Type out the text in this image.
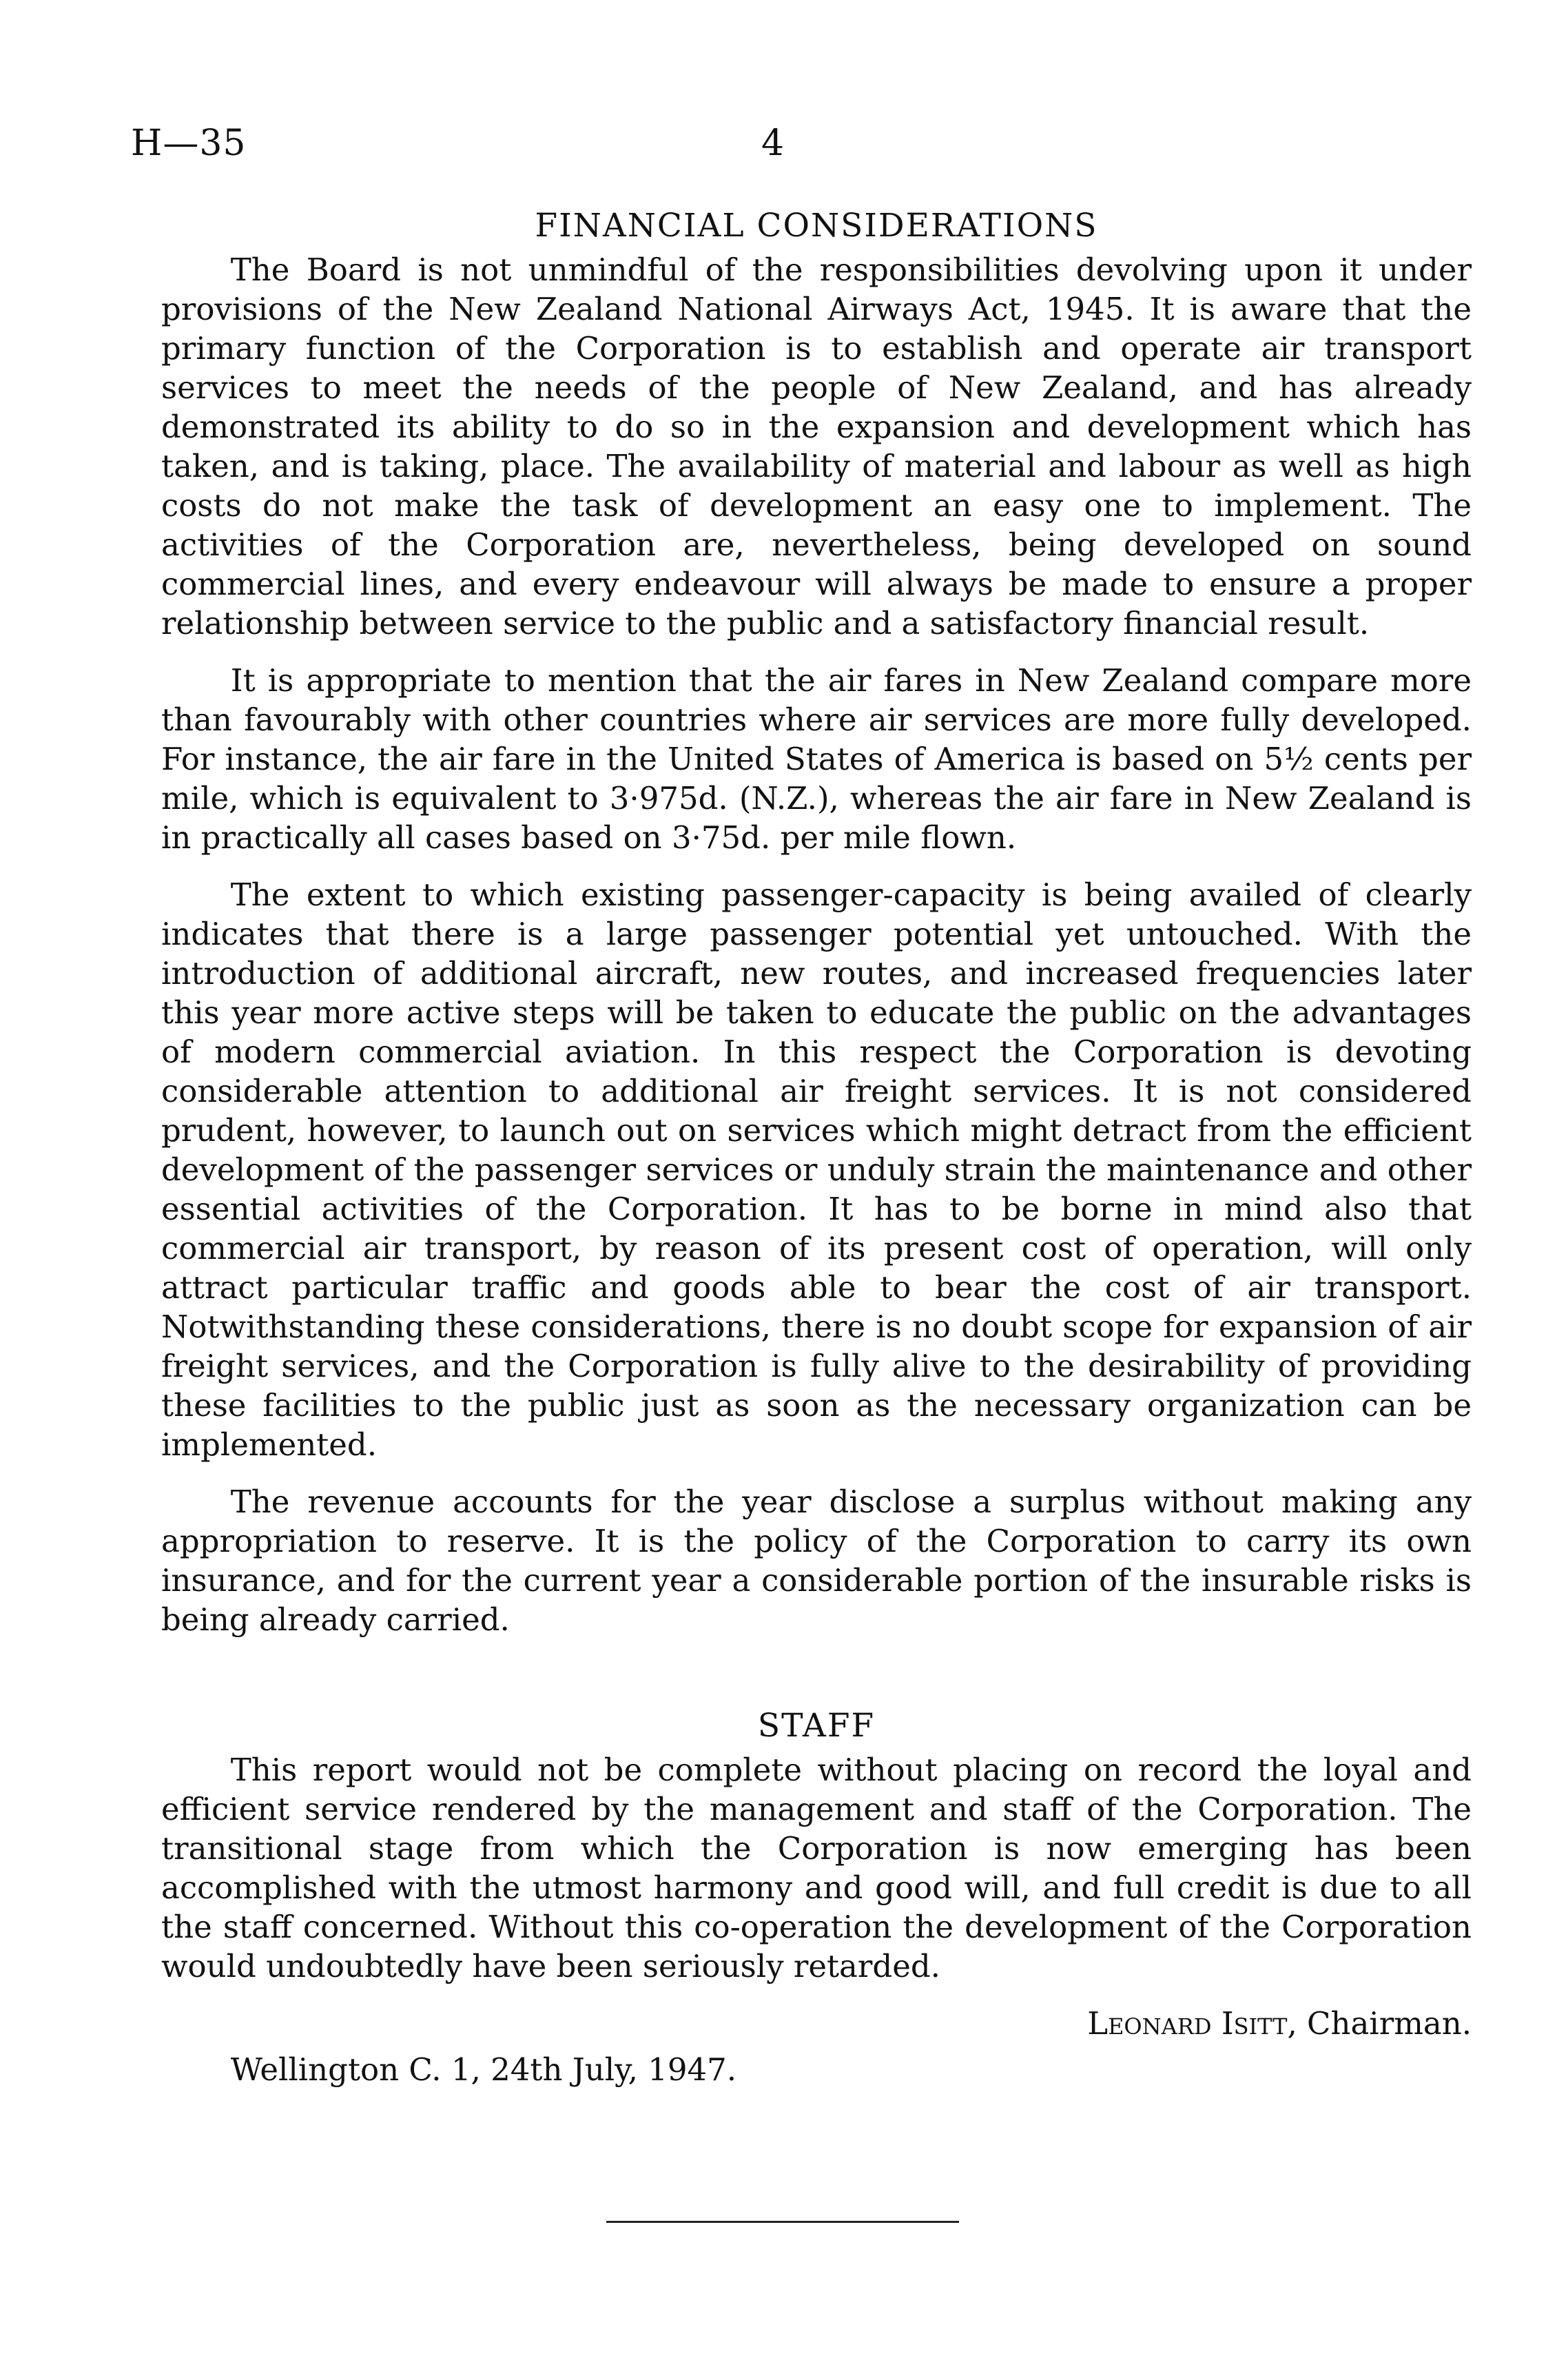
H—35	4
FINANCIAL CONSIDERATIONS

The Board is not unmindful of the responsibilities devolving upon it under provisions of the New Zealand National Airways Act, 1945. It is aware that the primary function of the Corporation is to establish and operate air transport services to meet the needs of the people of New Zealand, and has already demonstrated its ability to do so in the expansion and development which has taken, and is taking, place. The availability of material and labour as well as high costs do not make the task of development an easy one to implement. The activities of the Corporation are, nevertheless, being developed on sound commercial lines, and every endeavour will always be made to ensure a proper relationship between service to the public and a satisfactory financial result.

It is appropriate to mention that the air fares in New Zealand compare more than favourably with other countries where air services are more fully developed. For instance, the air fare in the United States of America is based on 5½ cents per mile, which is equivalent to 3·975d. (N.Z.), whereas the air fare in New Zealand is in practically all cases based on 3·75d. per mile flown.

The extent to which existing passenger-capacity is being availed of clearly indicates that there is a large passenger potential yet untouched. With the introduction of additional aircraft, new routes, and increased frequencies later this year more active steps will be taken to educate the public on the advantages of modern commercial aviation. In this respect the Corporation is devoting considerable attention to additional air freight services. It is not considered prudent, however, to launch out on services which might detract from the efficient development of the passenger services or unduly strain the maintenance and other essential activities of the Corporation. It has to be borne in mind also that commercial air transport, by reason of its present cost of operation, will only attract particular traffic and goods able to bear the cost of air transport. Notwithstanding these considerations, there is no doubt scope for expansion of air freight services, and the Corporation is fully alive to the desirability of providing these facilities to the public just as soon as the necessary organization can be implemented.

The revenue accounts for the year disclose a surplus without making any appropriation to reserve. It is the policy of the Corporation to carry its own insurance, and for the current year a considerable portion of the insurable risks is being already carried.

STAFF

This report would not be complete without placing on record the loyal and efficient service rendered by the management and staff of the Corporation. The transitional stage from which the Corporation is now emerging has been accomplished with the utmost harmony and good will, and full credit is due to all the staff concerned. Without this co-operation the development of the Corporation would undoubtedly have been seriously retarded.

Leonard Isitt, Chairman.
Wellington C. 1, 24th July, 1947.
